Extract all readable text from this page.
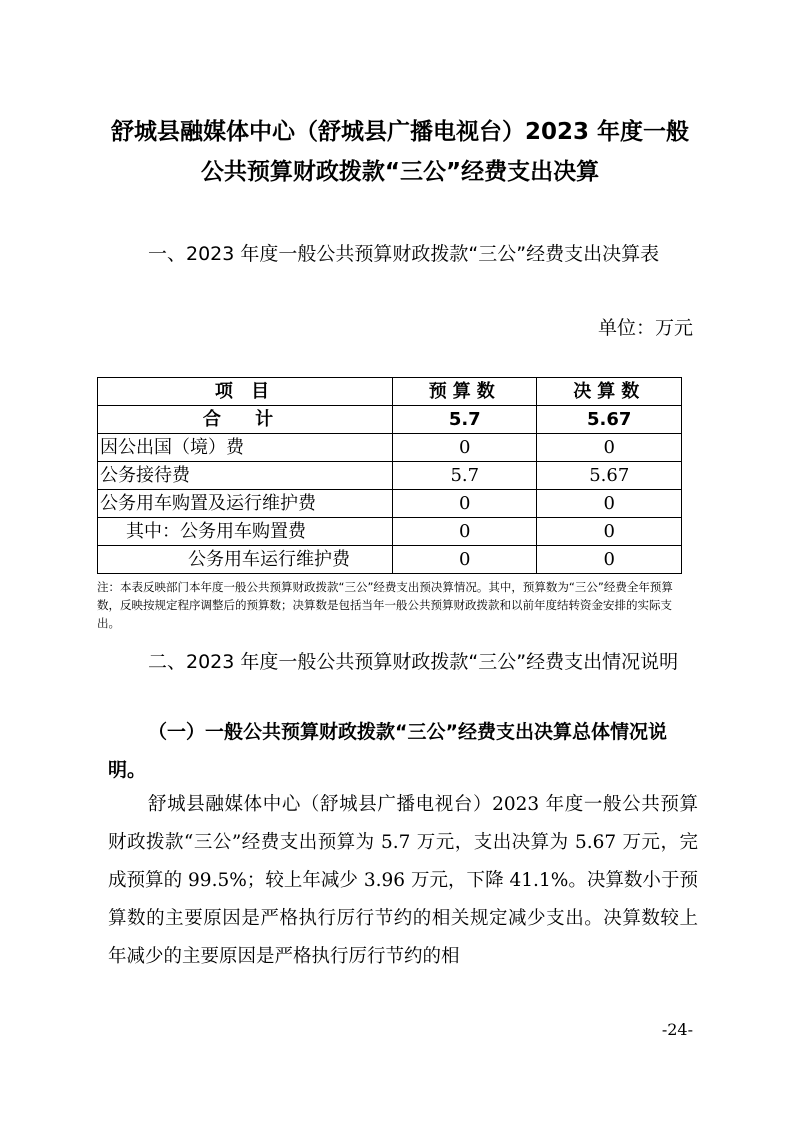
舒城县融媒体中心（舒城县广播电视台）2023 年度一般
公共预算财政拨款“三公”经费支出决算
一、2023 年度一般公共预算财政拨款“三公”经费支出决算表
单位：万元
项 目	预算数	决算数
合 计	5.7	5.67
因公出国（境）费	0	0
公务接待费	5.7	5.67
公务用车购置及运行维护费	0	0
其中：公务用车购置费	0	0
公务用车运行维护费	0	0
注：本表反映部门本年度一般公共预算财政拨款“三公”经费支出预决算情况。其中，预算数为“三公”经费全年预算数，反映按规定程序调整后的预算数；决算数是包括当年一般公共预算财政拨款和以前年度结转资金安排的实际支出。
二、2023 年度一般公共预算财政拨款“三公”经费支出情况说明
（一）一般公共预算财政拨款“三公”经费支出决算总体情况说明。
舒城县融媒体中心（舒城县广播电视台）2023 年度一般公共预算财政拨款“三公”经费支出预算为 5.7 万元，支出决算为 5.67 万元，完成预算的 99.5%；较上年减少 3.96 万元，下降 41.1%。决算数小于预算数的主要原因是严格执行厉行节约的相关规定减少支出。决算数较上年减少的主要原因是严格执行厉行节约的相
-24-
